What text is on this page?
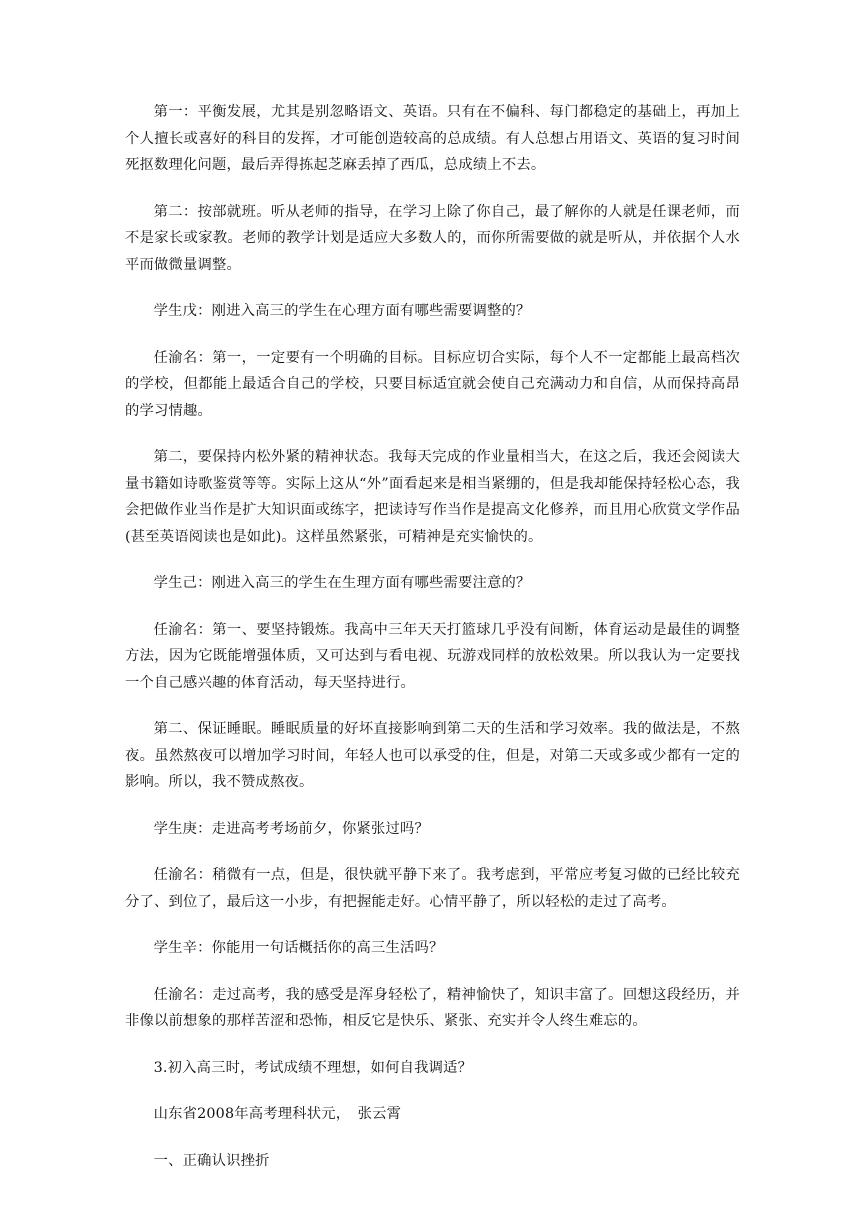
第一：平衡发展，尤其是别忽略语文、英语。只有在不偏科、每门都稳定的基础上，再加上个人擅长或喜好的科目的发挥，才可能创造较高的总成绩。有人总想占用语文、英语的复习时间死抠数理化问题，最后弄得拣起芝麻丢掉了西瓜，总成绩上不去。

第二：按部就班。听从老师的指导，在学习上除了你自己，最了解你的人就是任课老师，而不是家长或家教。老师的教学计划是适应大多数人的，而你所需要做的就是听从，并依据个人水平而做微量调整。

学生戊：刚进入高三的学生在心理方面有哪些需要调整的？

任渝名：第一，一定要有一个明确的目标。目标应切合实际，每个人不一定都能上最高档次的学校，但都能上最适合自己的学校，只要目标适宜就会使自己充满动力和自信，从而保持高昂的学习情趣。

第二，要保持内松外紧的精神状态。我每天完成的作业量相当大，在这之后，我还会阅读大量书籍如诗歌鉴赏等等。实际上这从“外”面看起来是相当紧绷的，但是我却能保持轻松心态，我会把做作业当作是扩大知识面或练字，把读诗写作当作是提高文化修养，而且用心欣赏文学作品(甚至英语阅读也是如此)。这样虽然紧张，可精神是充实愉快的。

学生己：刚进入高三的学生在生理方面有哪些需要注意的？

任渝名：第一、要坚持锻炼。我高中三年天天打篮球几乎没有间断，体育运动是最佳的调整方法，因为它既能增强体质，又可达到与看电视、玩游戏同样的放松效果。所以我认为一定要找一个自己感兴趣的体育活动，每天坚持进行。

第二、保证睡眠。睡眠质量的好坏直接影响到第二天的生活和学习效率。我的做法是，不熬夜。虽然熬夜可以增加学习时间，年轻人也可以承受的住，但是，对第二天或多或少都有一定的影响。所以，我不赞成熬夜。

学生庚：走进高考考场前夕，你紧张过吗？

任渝名：稍微有一点，但是，很快就平静下来了。我考虑到，平常应考复习做的已经比较充分了、到位了，最后这一小步，有把握能走好。心情平静了，所以轻松的走过了高考。

学生辛：你能用一句话概括你的高三生活吗？

任渝名：走过高考，我的感受是浑身轻松了，精神愉快了，知识丰富了。回想这段经历，并非像以前想象的那样苦涩和恐怖，相反它是快乐、紧张、充实并令人终生难忘的。

3.初入高三时，考试成绩不理想，如何自我调适？

山东省2008年高考理科状元，　张云霄

一、正确认识挫折
